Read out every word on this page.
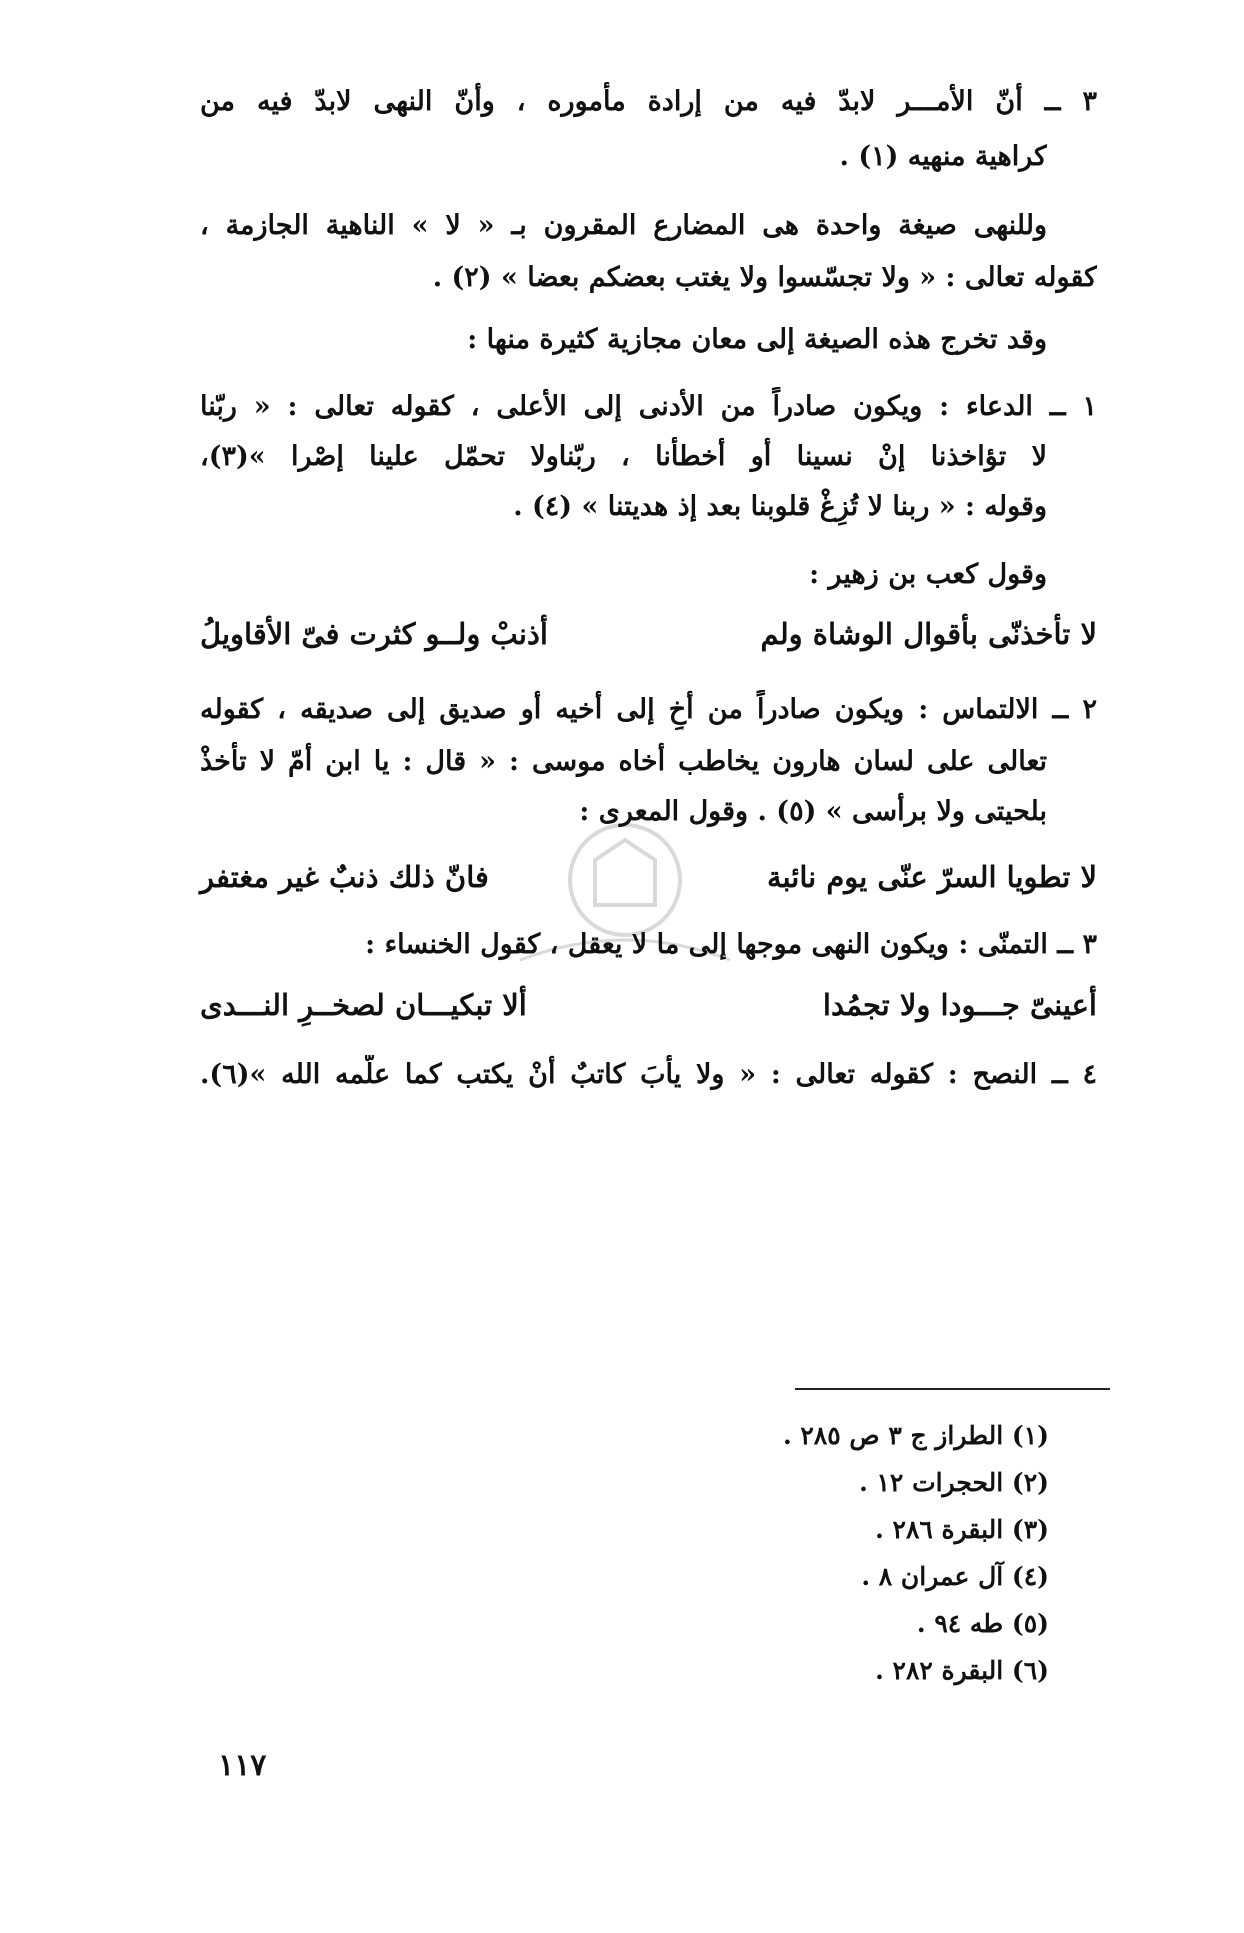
٣ ــ أنّ الأمـــر لابدّ فيه من إرادة مأموره ، وأنّ النهى لابدّ فيه من
كراهية منهيه (١) .
وللنهى صيغة واحدة هى المضارع المقرون بـ « لا » الناهية الجازمة ،
كقوله تعالى : « ولا تجسّسوا ولا يغتب بعضكم بعضا » (٢) .
وقد تخرج هذه الصيغة إلى معان مجازية كثيرة منها :
١ ــ الدعاء : ويكون صادراً من الأدنى إلى الأعلى ، كقوله تعالى : « ربّنا
لا تؤاخذنا إنْ نسينا أو أخطأنا ، ربّناولا تحمّل علينا إصْرا »(٣)،
وقوله : « ربنا لا تُزِغْ قلوبنا بعد إذ هديتنا » (٤) .
وقول كعب بن زهير :
لا تأخذنّى بأقوال الوشاة ولم
أذنبْ ولــو كثرت فىّ الأقاويلُ
٢ ــ الالتماس : ويكون صادراً من أخٍ إلى أخيه أو صديق إلى صديقه ، كقوله
تعالى على لسان هارون يخاطب أخاه موسى : « قال : يا ابن أمّ لا تأخذْ
بلحيتى ولا برأسى » (٥) . وقول المعرى :
لا تطويا السرّ عنّى يوم نائبة
فانّ ذلك ذنبٌ غير مغتفر
٣ ــ التمنّى : ويكون النهى موجها إلى ما لا يعقل ، كقول الخنساء :
أعينىّ جـــودا ولا تجمُدا
ألا تبكيـــان لصخــرِ النـــدى
٤ ــ النصح : كقوله تعالى : « ولا يأبَ كاتبٌ أنْ يكتب كما علّمه الله »(٦).
(١) الطراز ج ٣ ص ٢٨٥ .
(٢) الحجرات ١٢ .
(٣) البقرة ٢٨٦ .
(٤) آل عمران ٨ .
(٥) طه ٩٤ .
(٦) البقرة ٢٨٢ .
١١٧
